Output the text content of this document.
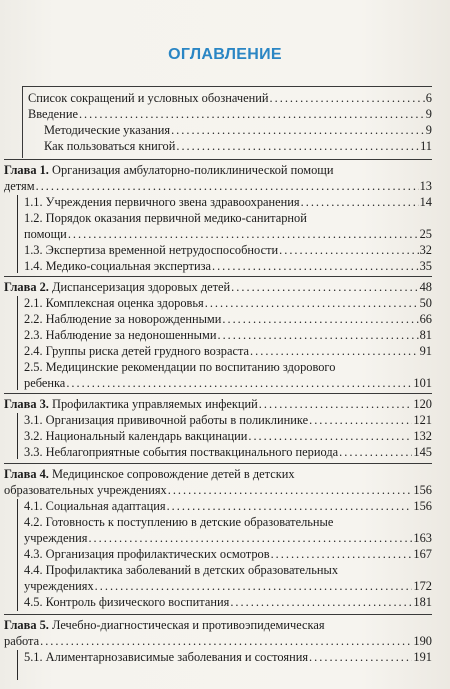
ОГЛАВЛЕНИЕ
Список сокращений и условных обозначений .....	6
Введение .....	9
Методические указания .....	9
Как пользоваться книгой .....	11
Глава 1. Организация амбулаторно-поликлинической помощи
детям .....	13
1.1. Учреждения первичного звена здравоохранения .....	14
1.2. Порядок оказания первичной медико-санитарной
помощи .....	25
1.3. Экспертиза временной нетрудоспособности .....	32
1.4. Медико-социальная экспертиза .....	35
Глава 2. Диспансеризация здоровых детей .....	48
2.1. Комплексная оценка здоровья .....	50
2.2. Наблюдение за новорожденными .....	66
2.3. Наблюдение за недоношенными .....	81
2.4. Группы риска детей грудного возраста .....	91
2.5. Медицинские рекомендации по воспитанию здорового
ребенка .....	101
Глава 3. Профилактика управляемых инфекций .....	120
3.1. Организация прививочной работы в поликлинике .....	121
3.2. Национальный календарь вакцинации .....	132
3.3. Неблагоприятные события поствакцинального периода .....	145
Глава 4. Медицинское сопровождение детей в детских
образовательных учреждениях .....	156
4.1. Социальная адаптация .....	156
4.2. Готовность к поступлению в детские образовательные
учреждения .....	163
4.3. Организация профилактических осмотров .....	167
4.4. Профилактика заболеваний в детских образовательных
учреждениях .....	172
4.5. Контроль физического воспитания .....	181
Глава 5. Лечебно-диагностическая и противоэпидемическая
работа .....	190
5.1. Алиментарнозависимые заболевания и состояния .....	191
